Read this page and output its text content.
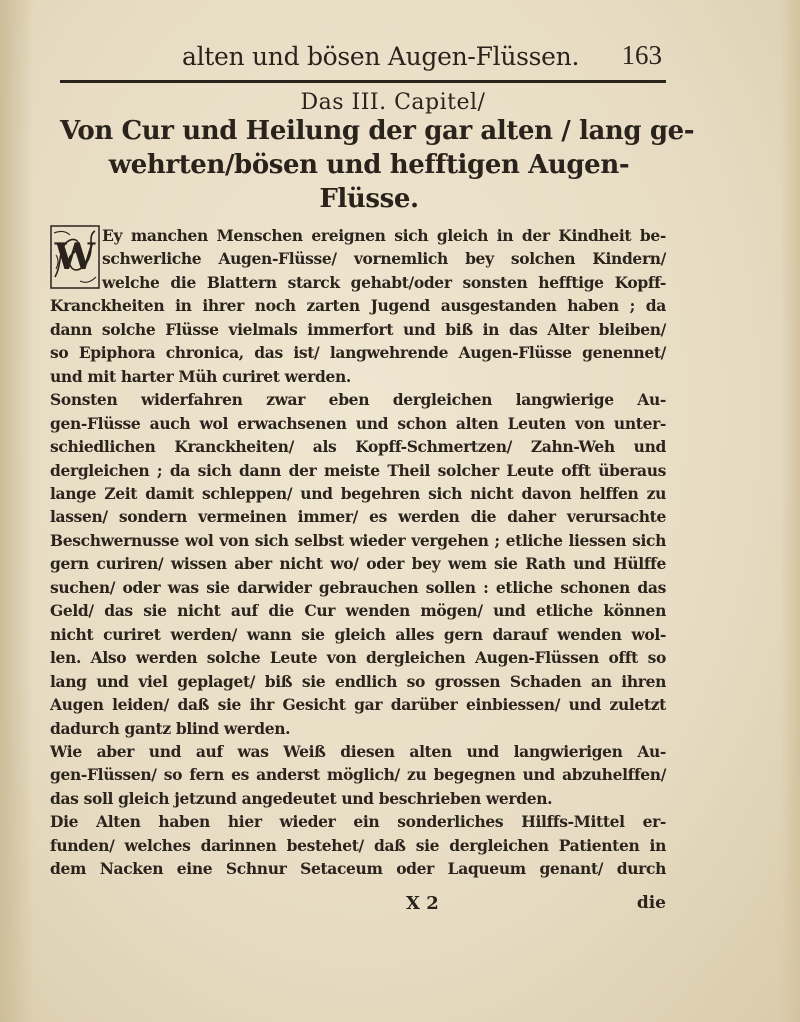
alten und bösen Augen-Flüssen. 163
Das III. Capitel/
Von Cur und Heilung der gar alten / lang ge-
wehrten/bösen und hefftigen Augen-
Flüsse.
W
Ey manchen Menschen ereignen sich gleich in der Kindheit be-
schwerliche Augen-Flüsse/ vornemlich bey solchen Kindern/
welche die Blattern starck gehabt/oder sonsten hefftige Kopff-
Kranckheiten in ihrer noch zarten Jugend ausgestanden haben ; da
dann solche Flüsse vielmals immerfort und biß in das Alter bleiben/
so Epiphora chronica, das ist/ langwehrende Augen-Flüsse genennet/
und mit harter Müh curiret werden.
Sonsten widerfahren zwar eben dergleichen langwierige Au-
gen-Flüsse auch wol erwachsenen und schon alten Leuten von unter-
schiedlichen Kranckheiten/ als Kopff-Schmertzen/ Zahn-Weh und
dergleichen ; da sich dann der meiste Theil solcher Leute offt überaus
lange Zeit damit schleppen/ und begehren sich nicht davon helffen zu
lassen/ sondern vermeinen immer/ es werden die daher verursachte
Beschwernusse wol von sich selbst wieder vergehen ; etliche liessen sich
gern curiren/ wissen aber nicht wo/ oder bey wem sie Rath und Hülffe
suchen/ oder was sie darwider gebrauchen sollen : etliche schonen das
Geld/ das sie nicht auf die Cur wenden mögen/ und etliche können
nicht curiret werden/ wann sie gleich alles gern darauf wenden wol-
len. Also werden solche Leute von dergleichen Augen-Flüssen offt so
lang und viel geplaget/ biß sie endlich so grossen Schaden an ihren
Augen leiden/ daß sie ihr Gesicht gar darüber einbiessen/ und zuletzt
dadurch gantz blind werden.
Wie aber und auf was Weiß diesen alten und langwierigen Au-
gen-Flüssen/ so fern es anderst möglich/ zu begegnen und abzuhelffen/
das soll gleich jetzund angedeutet und beschrieben werden.
Die Alten haben hier wieder ein sonderliches Hilffs-Mittel er-
funden/ welches darinnen bestehet/ daß sie dergleichen Patienten in
dem Nacken eine Schnur Setaceum oder Laqueum genant/ durch
X 2	die
